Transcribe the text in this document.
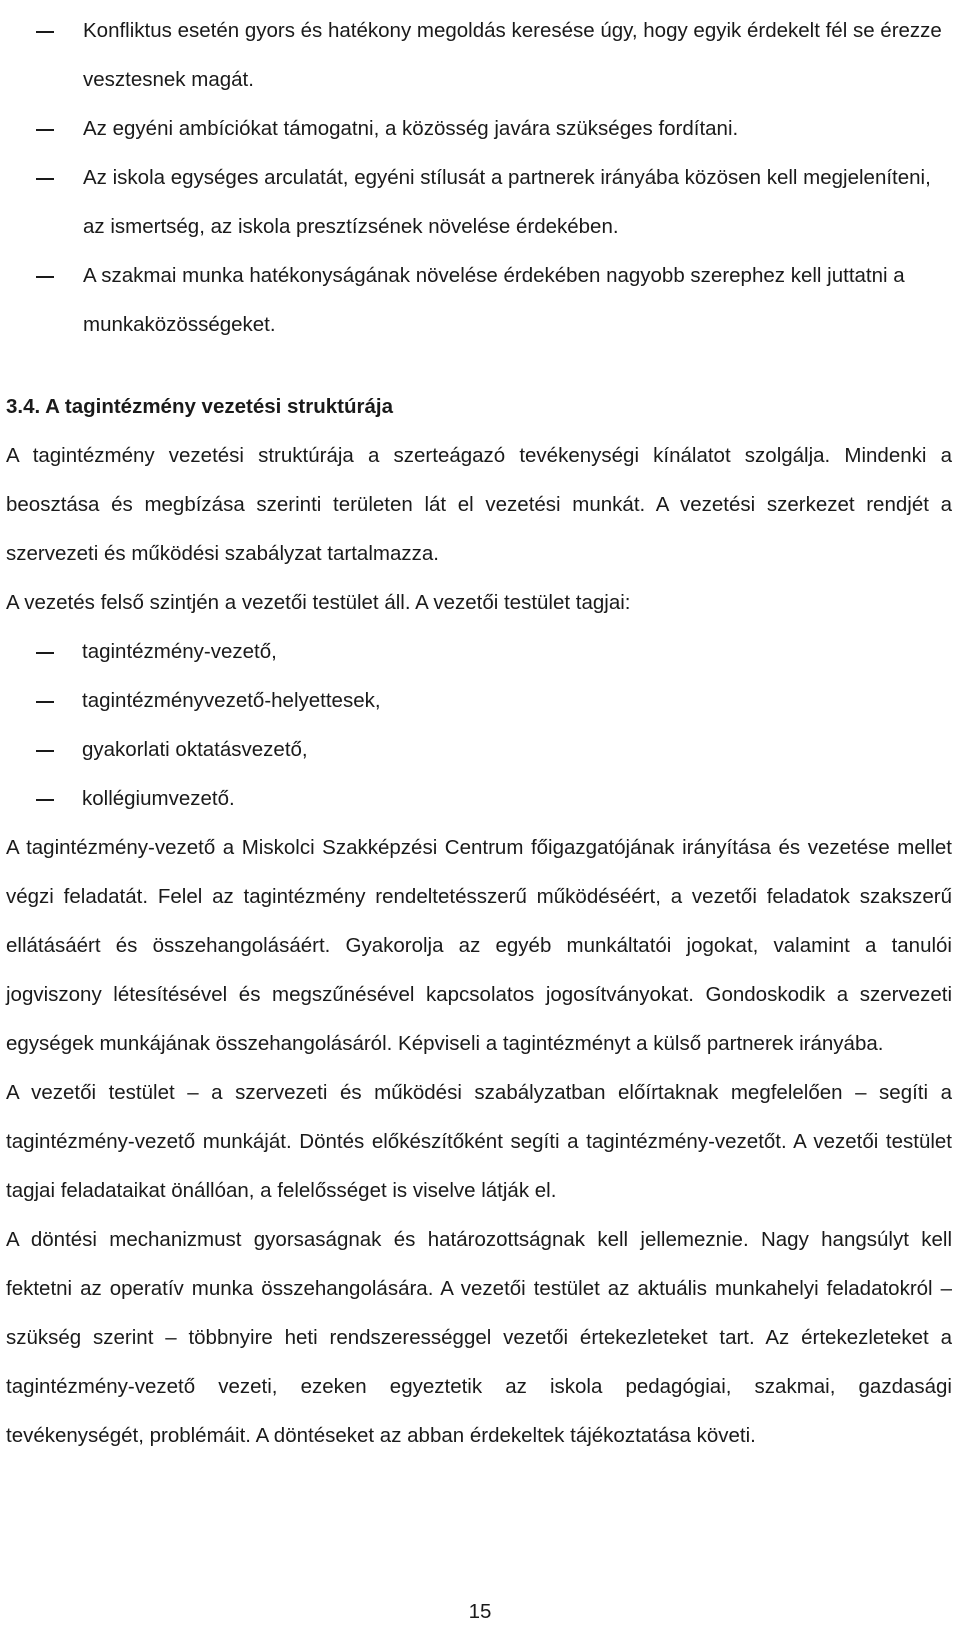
Konfliktus esetén gyors és hatékony megoldás keresése úgy, hogy egyik érdekelt fél se érezze vesztesnek magát.
Az egyéni ambíciókat támogatni, a közösség javára szükséges fordítani.
Az iskola egységes arculatát, egyéni stílusát a partnerek irányába közösen kell megjeleníteni, az ismertség, az iskola presztízsének növelése érdekében.
A szakmai munka hatékonyságának növelése érdekében nagyobb szerephez kell juttatni a munkaközösségeket.
3.4. A tagintézmény vezetési struktúrája

A tagintézmény vezetési struktúrája a szerteágazó tevékenységi kínálatot szolgálja. Mindenki a beosztása és megbízása szerinti területen lát el vezetési munkát. A vezetési szerkezet rendjét a szervezeti és működési szabályzat tartalmazza.

A vezetés felső szintjén a vezetői testület áll. A vezetői testület tagjai:

tagintézmény-vezető,
tagintézményvezető-helyettesek,
gyakorlati oktatásvezető,
kollégiumvezető.

A tagintézmény-vezető a Miskolci Szakképzési Centrum főigazgatójának irányítása és vezetése mellet végzi feladatát. Felel az tagintézmény rendeltetésszerű működéséért, a vezetői feladatok szakszerű ellátásáért és összehangolásáért. Gyakorolja az egyéb munkáltatói jogokat, valamint a tanulói jogviszony létesítésével és megszűnésével kapcsolatos jogosítványokat. Gondoskodik a szervezeti egységek munkájának összehangolásáról. Képviseli a tagintézményt a külső partnerek irányába.

A vezetői testület – a szervezeti és működési szabályzatban előírtaknak megfelelően – segíti a tagintézmény-vezető munkáját. Döntés előkészítőként segíti a tagintézmény-vezetőt. A vezetői testület tagjai feladataikat önállóan, a felelősséget is viselve látják el.

A döntési mechanizmust gyorsaságnak és határozottságnak kell jellemeznie. Nagy hangsúlyt kell fektetni az operatív munka összehangolására. A vezetői testület az aktuális munkahelyi feladatokról – szükség szerint – többnyire heti rendszerességgel vezetői értekezleteket tart. Az értekezleteket a tagintézmény-vezető vezeti, ezeken egyeztetik az iskola pedagógiai, szakmai, gazdasági tevékenységét, problémáit. A döntéseket az abban érdekeltek tájékoztatása követi.

15
